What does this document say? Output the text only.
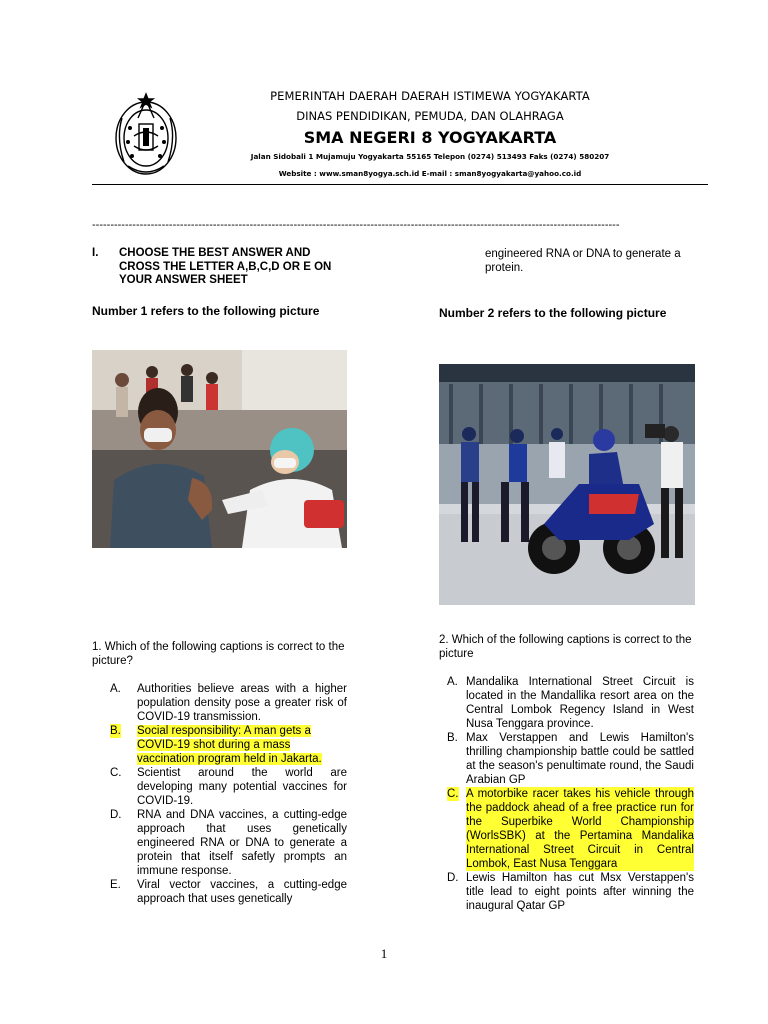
PEMERINTAH DAERAH DAERAH ISTIMEWA YOGYAKARTA
DINAS PENDIDIKAN, PEMUDA, DAN OLAHRAGA
SMA NEGERI 8 YOGYAKARTA
Jalan Sidobali 1 Mujamuju Yogyakarta 55165 Telepon (0274) 513493 Faks (0274) 580207
Website : www.sman8yogya.sch.id E-mail : sman8yogyakarta@yahoo.co.id
------------------------------------------------------------------------------------------------------------------------------------------------
I. CHOOSE THE BEST ANSWER AND CROSS THE LETTER A,B,C,D OR E ON YOUR ANSWER SHEET
engineered RNA or DNA to generate a protein.
Number 1 refers to the following picture	Number 2 refers to the following picture
1. Which of the following captions is correct to the picture?
A. Authorities believe areas with a higher population density pose a greater risk of COVID-19 transmission.
B. Social responsibility: A man gets a COVID-19 shot during a mass vaccination program held in Jakarta.
C. Scientist around the world are developing many potential vaccines for COVID-19.
D. RNA and DNA vaccines, a cutting-edge approach that uses genetically engineered RNA or DNA to generate a protein that itself safetly prompts an immune response.
E. Viral vector vaccines, a cutting-edge approach that uses genetically
2. Which of the following captions is correct to the picture
A. Mandalika International Street Circuit is located in the Mandallika resort area on the Central Lombok Regency Island in West Nusa Tenggara province.
B. Max Verstappen and Lewis Hamilton's thrilling championship battle could be sattled at the season's penultimate round, the Saudi Arabian GP
C. A motorbike racer takes his vehicle through the paddock ahead of a free practice run for the Superbike World Championship (WorlsSBK) at the Pertamina Mandalika International Street Circuit in Central Lombok, East Nusa Tenggara
D. Lewis Hamilton has cut Msx Verstappen's title lead to eight points after winning the inaugural Qatar GP
1
